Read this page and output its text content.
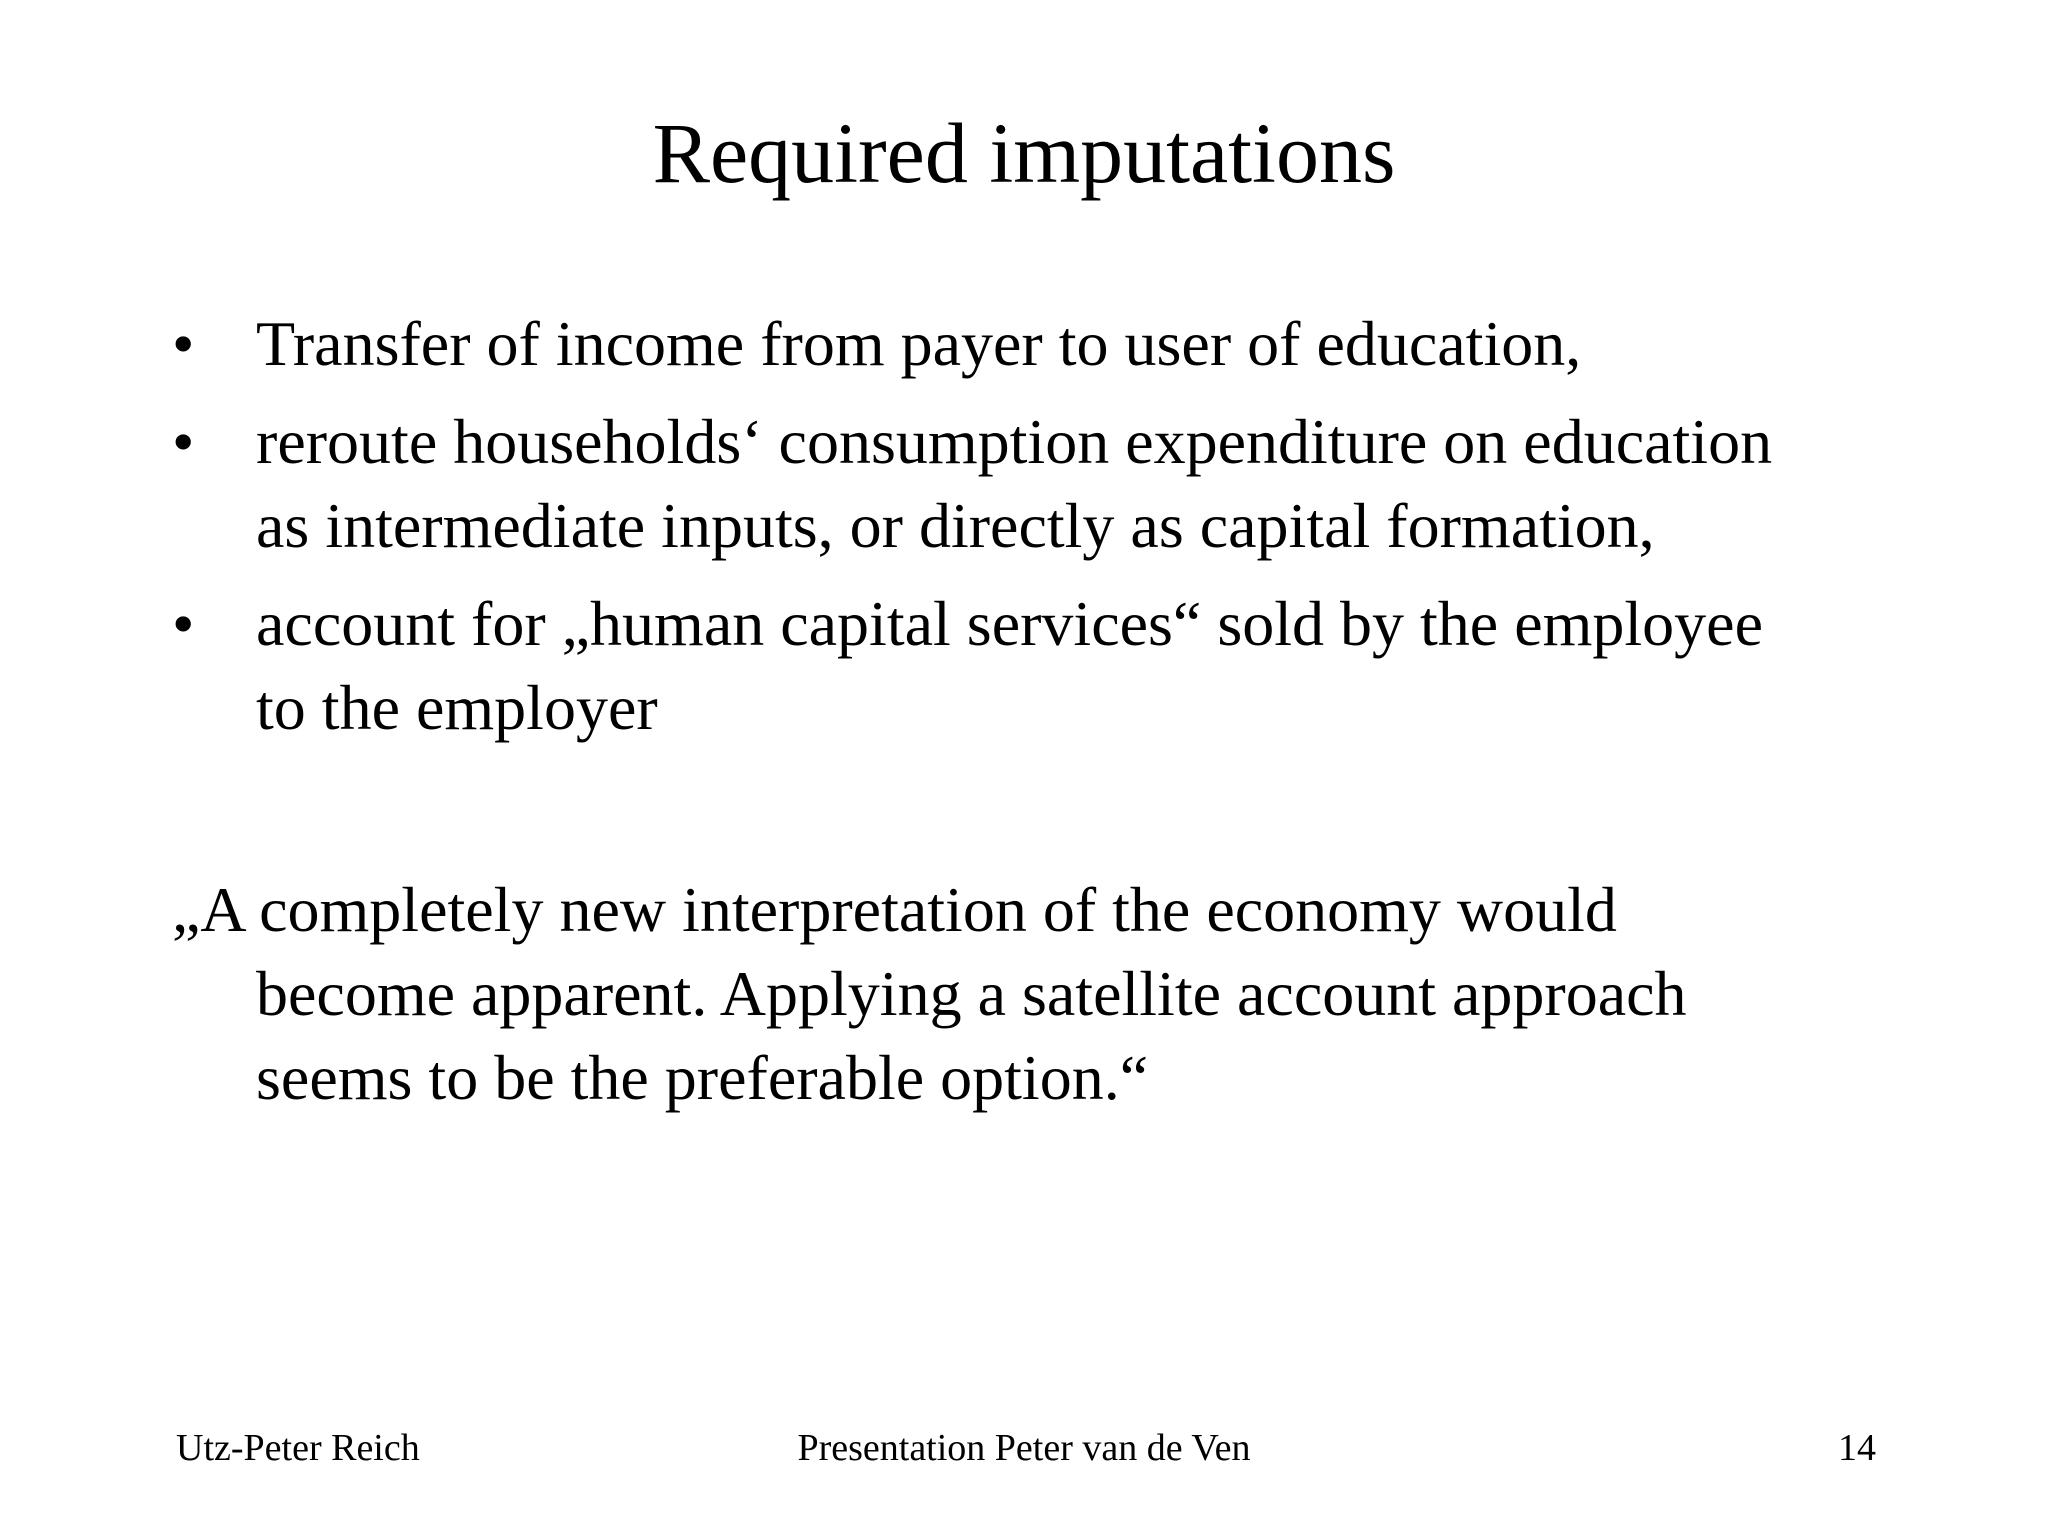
Required imputations
• Transfer of income from payer to user of education,
• reroute households‘ consumption expenditure on education
as intermediate inputs, or directly as capital formation,
• account for „human capital services“ sold by the employee
to the employer
„A completely new interpretation of the economy would
become apparent. Applying a satellite account approach
seems to be the preferable option.“
Utz-Peter Reich	Presentation Peter van de Ven	14
